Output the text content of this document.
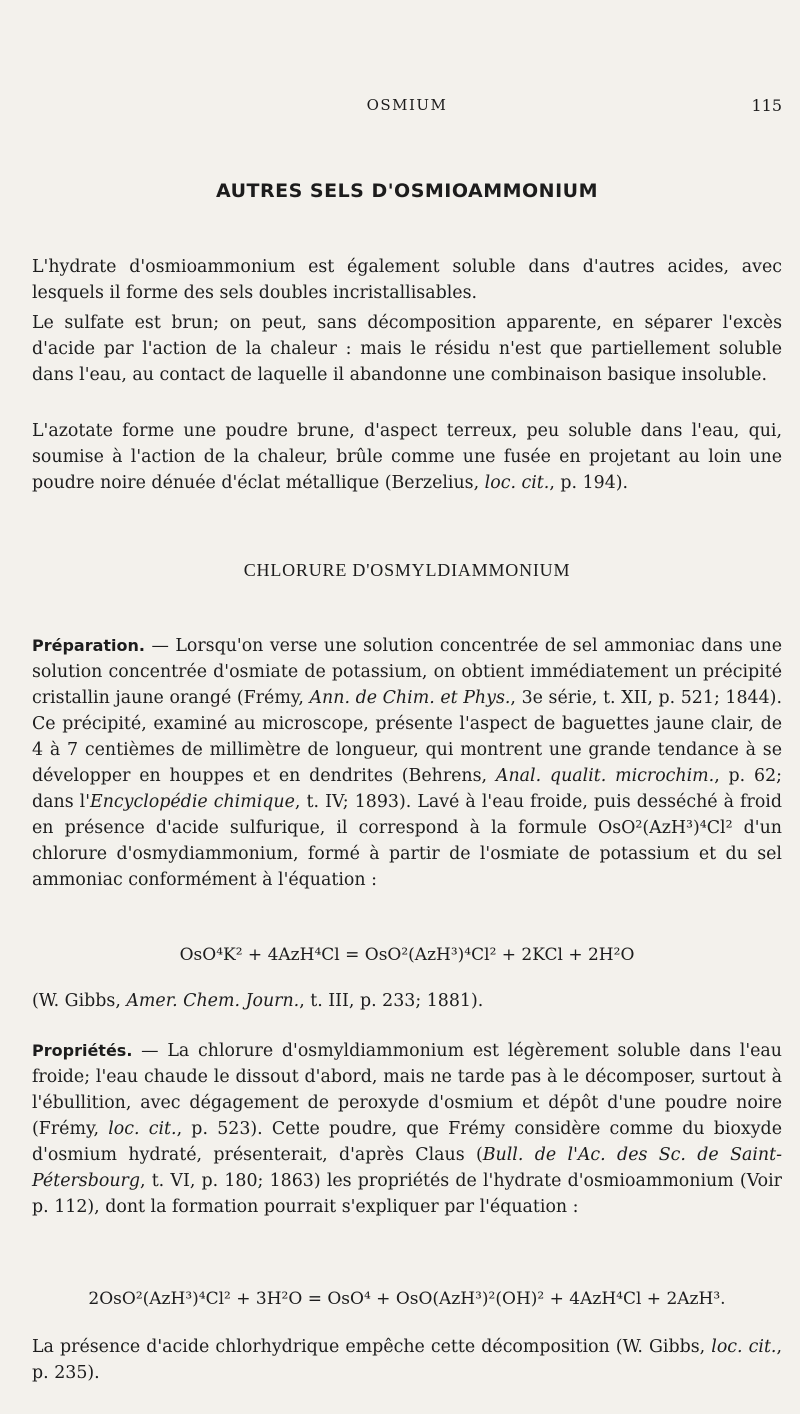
OSMIUM	115
AUTRES SELS D'OSMIOAMMONIUM

L'hydrate d'osmioammonium est également soluble dans d'autres acides, avec lesquels il forme des sels doubles incristallisables.

Le sulfate est brun; on peut, sans décomposition apparente, en séparer l'excès d'acide par l'action de la chaleur : mais le résidu n'est que partiellement soluble dans l'eau, au contact de laquelle il abandonne une combinaison basique insoluble.

L'azotate forme une poudre brune, d'aspect terreux, peu soluble dans l'eau, qui, soumise à l'action de la chaleur, brûle comme une fusée en projetant au loin une poudre noire dénuée d'éclat métallique (Berzelius, loc. cit., p. 194).

CHLORURE D'OSMYLDIAMMONIUM

Préparation. — Lorsqu'on verse une solution concentrée de sel ammoniac dans une solution concentrée d'osmiate de potassium, on obtient immédiatement un précipité cristallin jaune orangé (Frémy, Ann. de Chim. et Phys., 3e série, t. XII, p. 521; 1844). Ce précipité, examiné au microscope, présente l'aspect de baguettes jaune clair, de 4 à 7 centièmes de millimètre de longueur, qui montrent une grande tendance à se développer en houppes et en dendrites (Behrens, Anal. qualit. microchim., p. 62; dans l'Encyclopédie chimique, t. IV; 1893). Lavé à l'eau froide, puis desséché à froid en présence d'acide sulfurique, il correspond à la formule OsO²(AzH³)⁴Cl² d'un chlorure d'osmydiammonium, formé à partir de l'osmiate de potassium et du sel ammoniac conformément à l'équation :

OsO⁴K² + 4AzH⁴Cl = OsO²(AzH³)⁴Cl² + 2KCl + 2H²O

(W. Gibbs, Amer. Chem. Journ., t. III, p. 233; 1881).

Propriétés. — La chlorure d'osmyldiammonium est légèrement soluble dans l'eau froide; l'eau chaude le dissout d'abord, mais ne tarde pas à le décomposer, surtout à l'ébullition, avec dégagement de peroxyde d'osmium et dépôt d'une poudre noire (Frémy, loc. cit., p. 523). Cette poudre, que Frémy considère comme du bioxyde d'osmium hydraté, présenterait, d'après Claus (Bull. de l'Ac. des Sc. de Saint-Pétersbourg, t. VI, p. 180; 1863) les propriétés de l'hydrate d'osmioammonium (Voir p. 112), dont la formation pourrait s'expliquer par l'équation :

2OsO²(AzH³)⁴Cl² + 3H²O = OsO⁴ + OsO(AzH³)²(OH)² + 4AzH⁴Cl + 2AzH³.

La présence d'acide chlorhydrique empêche cette décomposition (W. Gibbs, loc. cit., p. 235).
